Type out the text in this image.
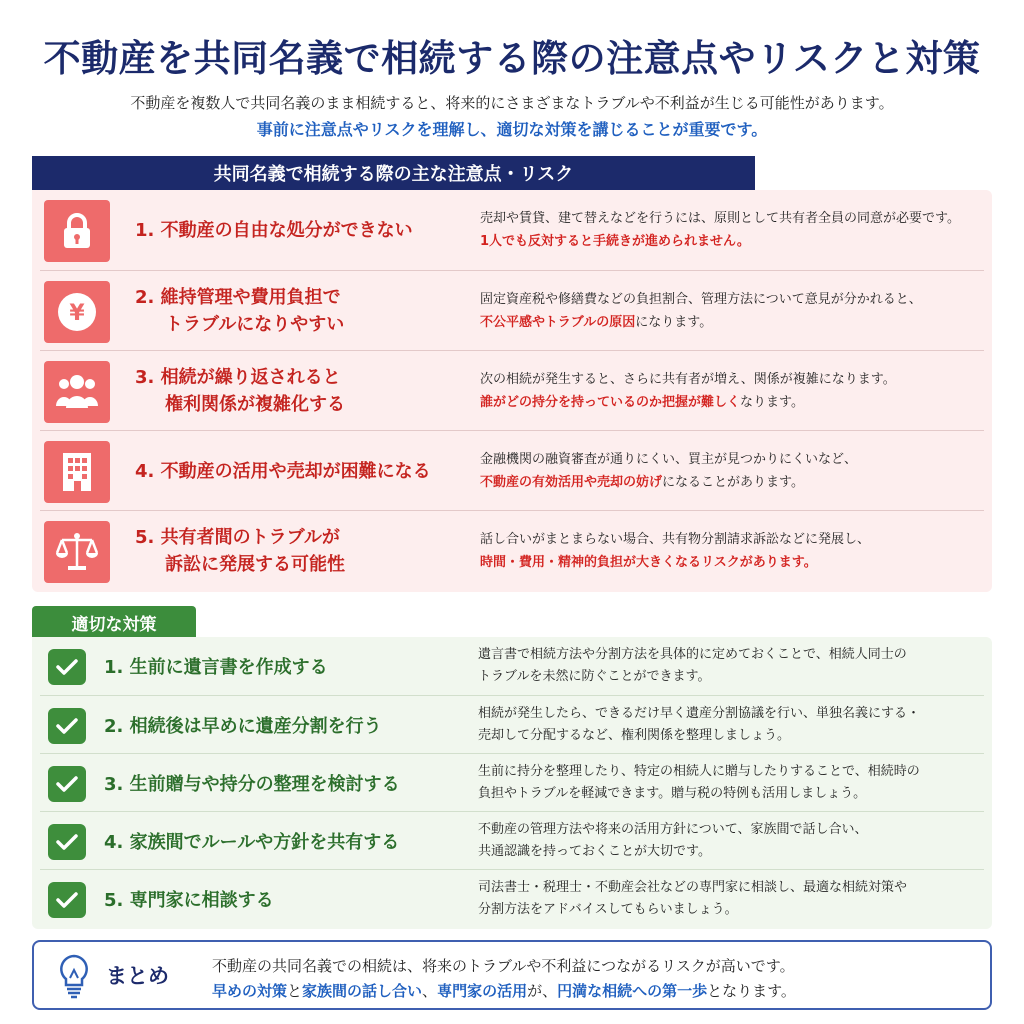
不動産を共同名義で相続する際の注意点やリスクと対策
不動産を複数人で共同名義のまま相続すると、将来的にさまざまなトラブルや不利益が生じる可能性があります。
事前に注意点やリスクを理解し、適切な対策を講じることが重要です。
共同名義で相続する際の主な注意点・リスク
1. 不動産の自由な処分ができない
売却や賃貸、建て替えなどを行うには、原則として共有者全員の同意が必要です。
1人でも反対すると手続きが進められません。
¥
2. 維持管理や費用負担で
トラブルになりやすい
固定資産税や修繕費などの負担割合、管理方法について意見が分かれると、
不公平感やトラブルの原因になります。
3. 相続が繰り返されると
権利関係が複雑化する
次の相続が発生すると、さらに共有者が増え、関係が複雑になります。
誰がどの持分を持っているのか把握が難しくなります。
4. 不動産の活用や売却が困難になる
金融機関の融資審査が通りにくい、買主が見つかりにくいなど、
不動産の有効活用や売却の妨げになることがあります。
5. 共有者間のトラブルが
訴訟に発展する可能性
話し合いがまとまらない場合、共有物分割請求訴訟などに発展し、
時間・費用・精神的負担が大きくなるリスクがあります。
適切な対策
1. 生前に遺言書を作成する
遺言書で相続方法や分割方法を具体的に定めておくことで、相続人同士の
トラブルを未然に防ぐことができます。
2. 相続後は早めに遺産分割を行う
相続が発生したら、できるだけ早く遺産分割協議を行い、単独名義にする・
売却して分配するなど、権利関係を整理しましょう。
3. 生前贈与や持分の整理を検討する
生前に持分を整理したり、特定の相続人に贈与したりすることで、相続時の
負担やトラブルを軽減できます。贈与税の特例も活用しましょう。
4. 家族間でルールや方針を共有する
不動産の管理方法や将来の活用方針について、家族間で話し合い、
共通認識を持っておくことが大切です。
5. 専門家に相談する
司法書士・税理士・不動産会社などの専門家に相談し、最適な相続対策や
分割方法をアドバイスしてもらいましょう。
まとめ	不動産の共同名義での相続は、将来のトラブルや不利益につながるリスクが高いです。
早めの対策と家族間の話し合い、専門家の活用が、円満な相続への第一歩となります。
